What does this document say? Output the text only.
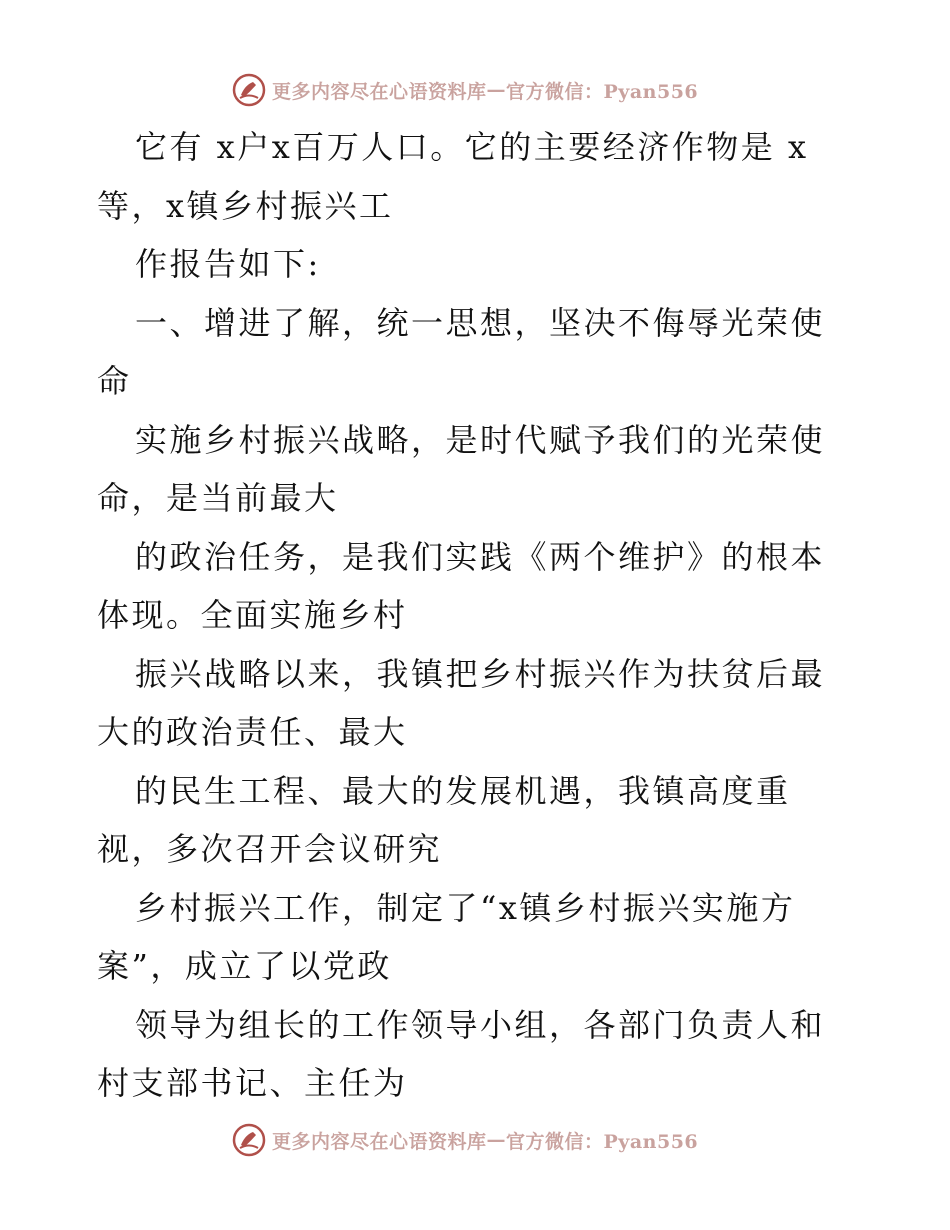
更多内容尽在心语资料库 — 官方微信：Pyan556

它有 x户x百万人口。它的主要经济作物是 x等，x镇乡村振兴工

作报告如下:

一、增进了解，统一思想，坚决不侮辱光荣使命

实施乡村振兴战略，是时代赋予我们的光荣使命，是当前最大

的政治任务，是我们实践《两个维护》的根本体现。全面实施乡村

振兴战略以来，我镇把乡村振兴作为扶贫后最大的政治责任、最大

的民生工程、最大的发展机遇，我镇高度重视，多次召开会议研究

乡村振兴工作，制定了“x镇乡村振兴实施方案”，成立了以党政

领导为组长的工作领导小组，各部门负责人和村支部书记、主任为

更多内容尽在心语资料库 — 官方微信：Pyan556
